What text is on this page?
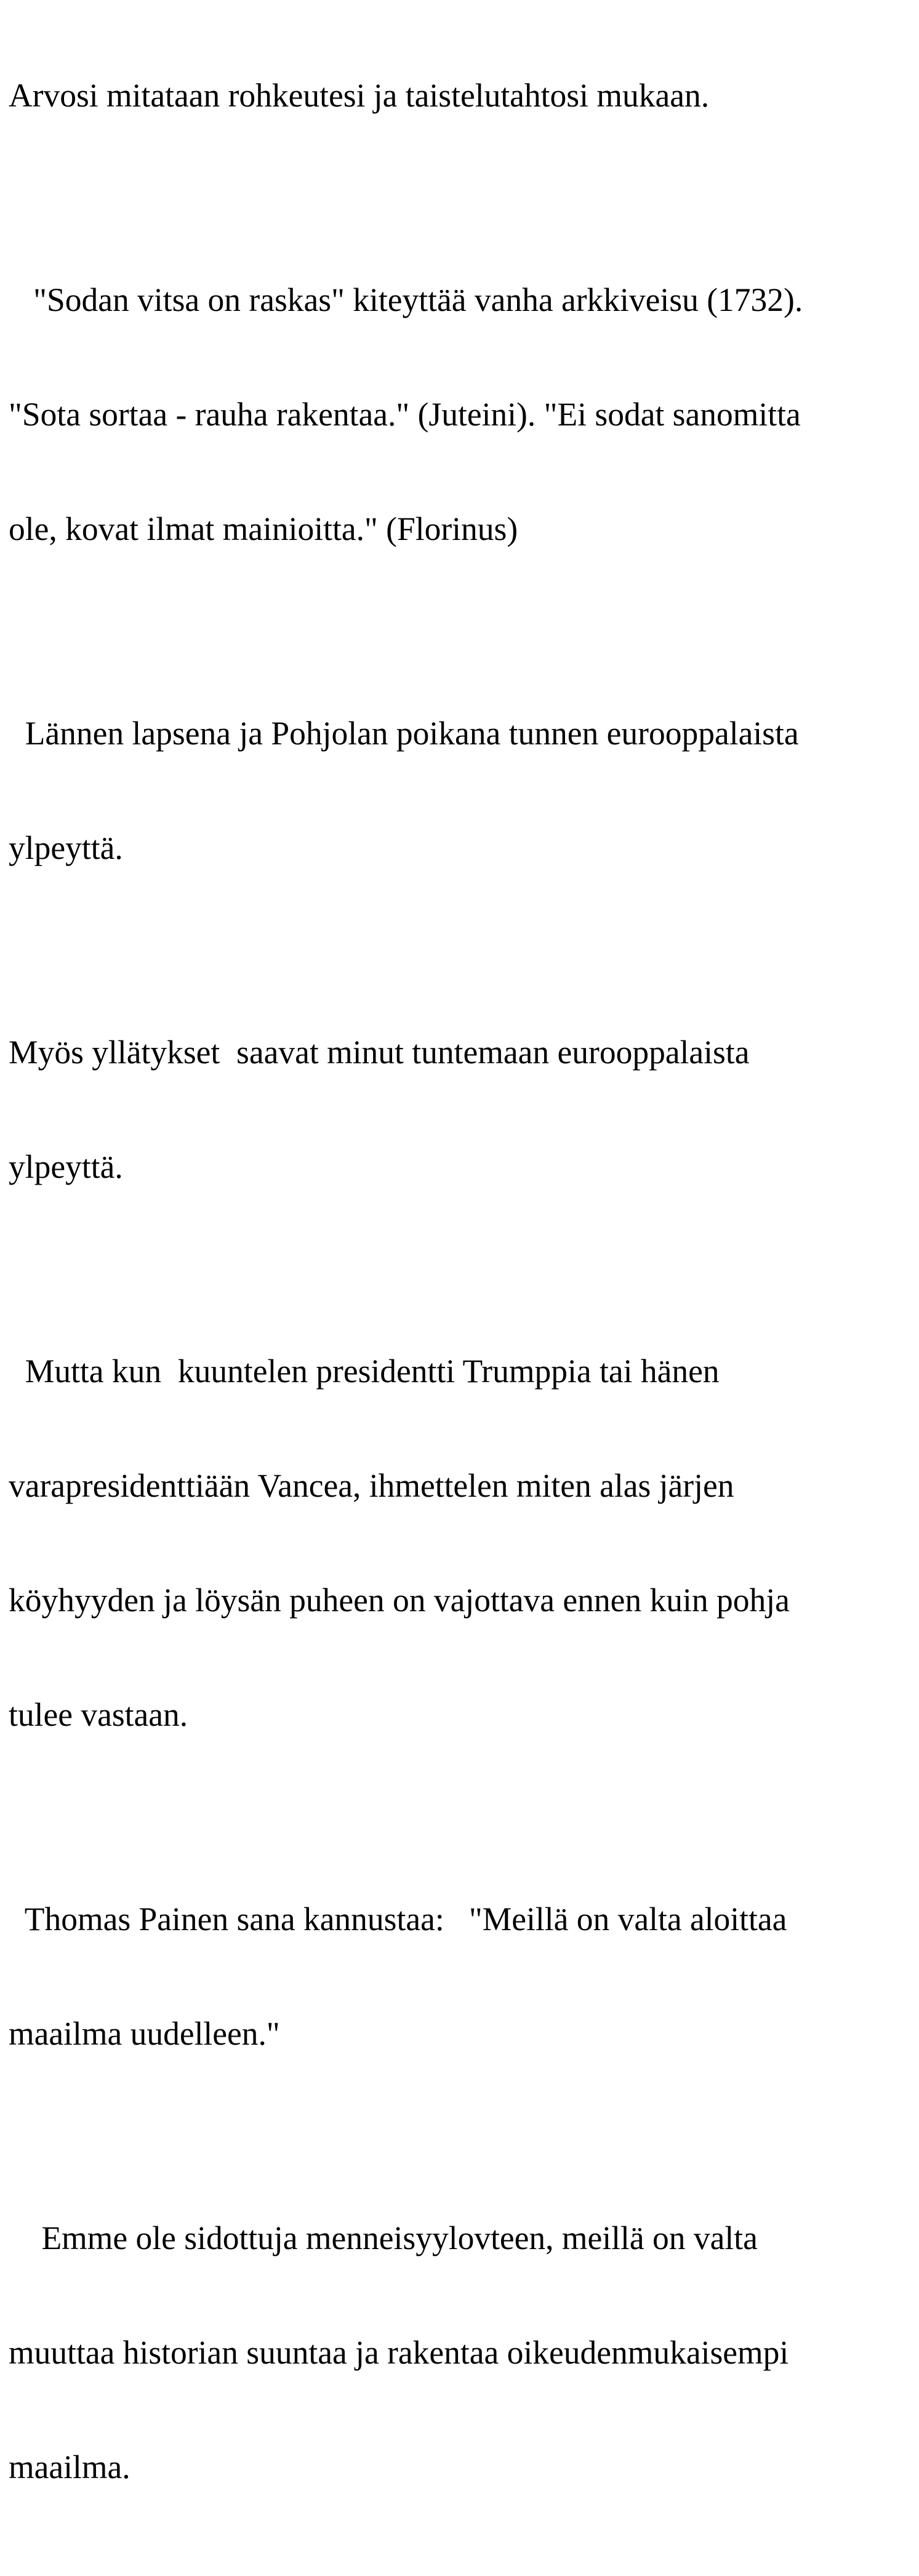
Arvosi mitataan rohkeutesi ja taistelutahtosi mukaan.

"Sodan vitsa on raskas" kiteyttää vanha arkkiveisu (1732).

"Sota sortaa - rauha rakentaa." (Juteini). "Ei sodat sanomitta

ole, kovat ilmat mainioitta." (Florinus)

Lännen lapsena ja Pohjolan poikana tunnen eurooppalaista

ylpeyttä.

Myös yllätykset  saavat minut tuntemaan eurooppalaista

ylpeyttä.

Mutta kun  kuuntelen presidentti Trumppia tai hänen

varapresidenttiään Vancea, ihmettelen miten alas järjen

köyhyyden ja löysän puheen on vajottava ennen kuin pohja

tulee vastaan.

Thomas Painen sana kannustaa:   "Meillä on valta aloittaa

maailma uudelleen."

Emme ole sidottuja menneisyylovteen, meillä on valta

muuttaa historian suuntaa ja rakentaa oikeudenmukaisempi

maailma.
